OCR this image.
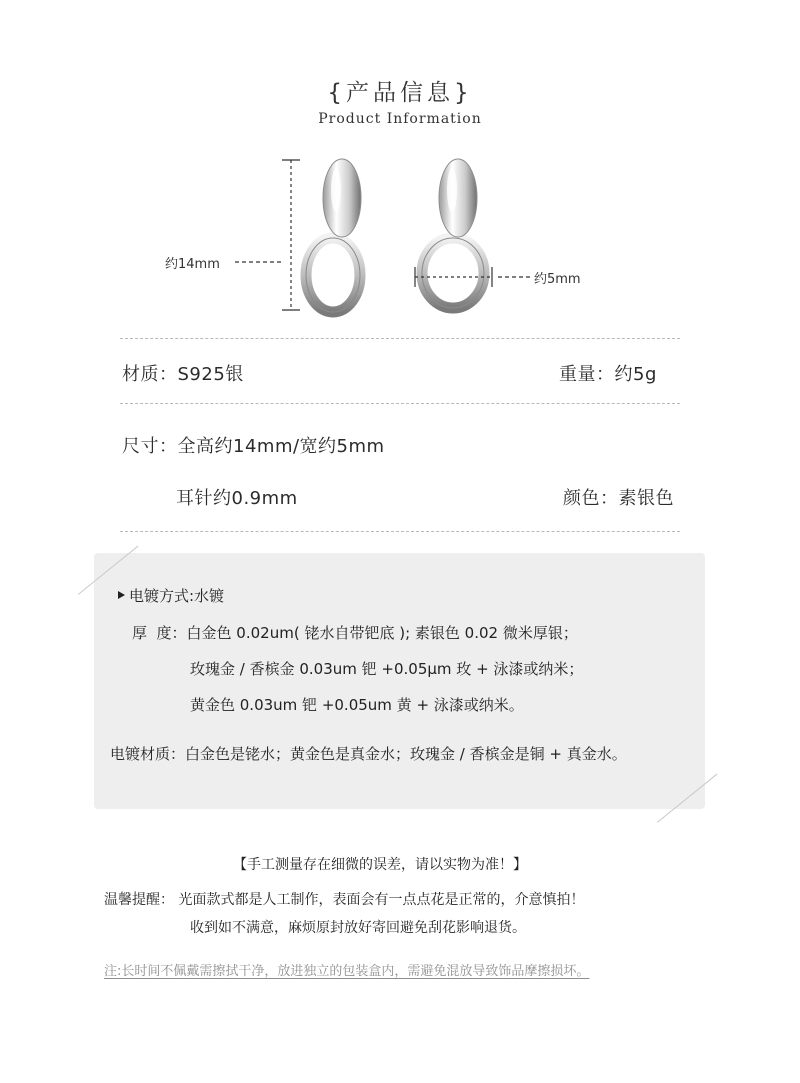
{产品信息}
Product Information
约14mm
约5mm
材质：S925银	重量：约5g
尺寸：全高约14mm/宽约5mm
耳针约0.9mm	颜色：素银色
电镀方式:水镀
厚  度：白金色 0.02um( 铑水自带钯底 ); 素银色 0.02 微米厚银；
玫瑰金 / 香槟金 0.03um 钯 +0.05μm 玫 + 泳漆或纳米；
黄金色 0.03um 钯 +0.05um 黄 + 泳漆或纳米。
电镀材质：白金色是铑水；黄金色是真金水；玫瑰金 / 香槟金是铜 + 真金水。
【手工测量存在细微的误差，请以实物为准！】
温馨提醒： 光面款式都是人工制作，表面会有一点点花是正常的，介意慎拍！
收到如不满意，麻烦原封放好寄回避免刮花影响退货。
注:长时间不佩戴需擦拭干净，放进独立的包装盒内，需避免混放导致饰品摩擦损坏。
